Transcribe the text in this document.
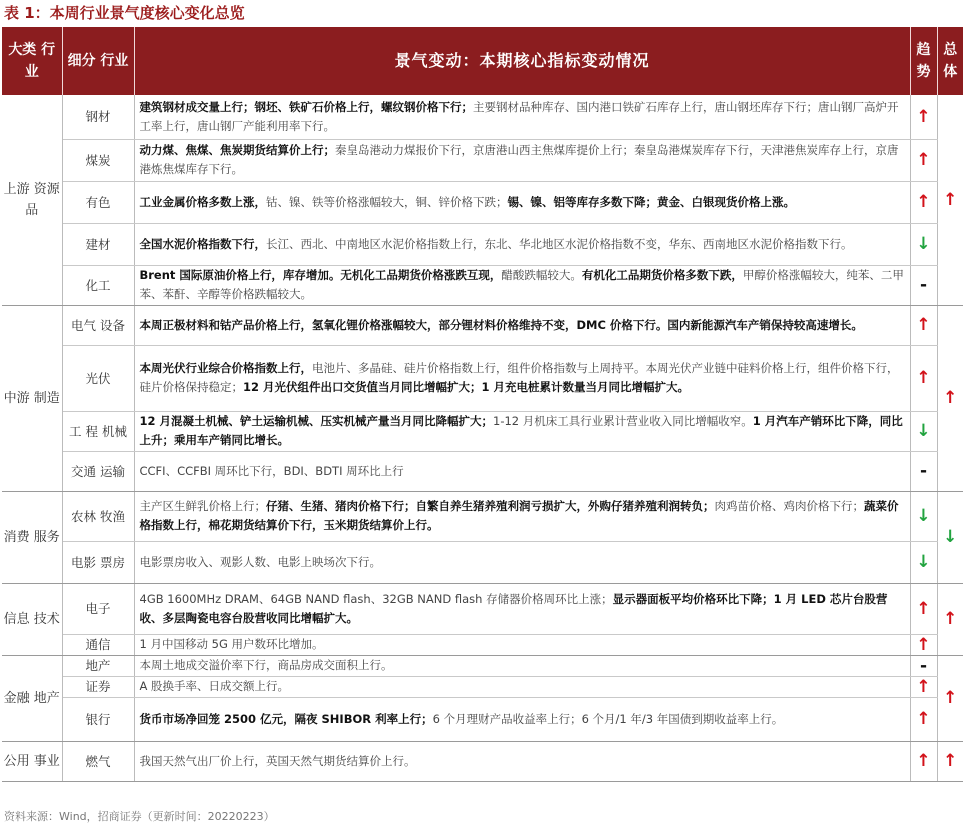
表 1：本周行业景气度核心变化总览
大类 行业	细分 行业	景气变动：本期核心指标变动情况	趋 势	总 体
上游 资源品	钢材	建筑钢材成交量上行；钢坯、铁矿石价格上行，螺纹钢价格下行；主要钢材品种库存、国内港口铁矿石库存上行，唐山钢坯库存下行；唐山钢厂高炉开工率上行，唐山钢厂产能利用率下行。	↑	↑
	煤炭	动力煤、焦煤、焦炭期货结算价上行；秦皇岛港动力煤报价下行，京唐港山西主焦煤库提价上行；秦皇岛港煤炭库存下行，天津港焦炭库存上行，京唐港炼焦煤库存下行。	↑	
	有色	工业金属价格多数上涨，钴、镍、铁等价格涨幅较大，铜、锌价格下跌；锡、镍、铝等库存多数下降；黄金、白银现货价格上涨。	↑	
	建材	全国水泥价格指数下行，长江、西北、中南地区水泥价格指数上行，东北、华北地区水泥价格指数不变，华东、西南地区水泥价格指数下行。	↓	
	化工	Brent 国际原油价格上行，库存增加。无机化工品期货价格涨跌互现，醋酸跌幅较大。有机化工品期货价格多数下跌，甲醇价格涨幅较大，纯苯、二甲苯、苯酐、辛醇等价格跌幅较大。	-	
中游 制造	电气 设备	本周正极材料和钴产品价格上行，氢氧化锂价格涨幅较大，部分锂材料价格维持不变，DMC 价格下行。国内新能源汽车产销保持较高速增长。	↑	↑
	光伏	本周光伏行业综合价格指数上行，电池片、多晶硅、硅片价格指数上行，组件价格指数与上周持平。本周光伏产业链中硅料价格上行，组件价格下行，硅片价格保持稳定；12 月光伏组件出口交货值当月同比增幅扩大；1 月充电桩累计数量当月同比增幅扩大。	↑	
	工 程 机械	12 月混凝土机械、铲土运输机械、压实机械产量当月同比降幅扩大；1-12 月机床工具行业累计营业收入同比增幅收窄。1 月汽车产销环比下降，同比上升；乘用车产销同比增长。	↓	
	交通 运输	CCFI、CCFBI 周环比下行，BDI、BDTI 周环比上行	-	
消费 服务	农林 牧渔	主产区生鲜乳价格上行；仔猪、生猪、猪肉价格下行；自繁自养生猪养殖利润亏损扩大，外购仔猪养殖利润转负；肉鸡苗价格、鸡肉价格下行；蔬菜价格指数上行，棉花期货结算价下行，玉米期货结算价上行。	↓	↓
	电影 票房	电影票房收入、观影人数、电影上映场次下行。	↓	
信息 技术	电子	4GB 1600MHz DRAM、64GB NAND flash、32GB NAND flash 存储器价格周环比上涨；显示器面板平均价格环比下降；1 月 LED 芯片台股营收、多层陶瓷电容台股营收同比增幅扩大。	↑	↑
	通信	1 月中国移动 5G 用户数环比增加。	↑	
金融 地产	地产	本周土地成交溢价率下行，商品房成交面积上行。	-	↑
	证券	A 股换手率、日成交额上行。	↑	
	银行	货币市场净回笼 2500 亿元，隔夜 SHIBOR 利率上行；6 个月理财产品收益率上行；6 个月/1 年/3 年国债到期收益率上行。	↑	
公用 事业	燃气	我国天然气出厂价上行，英国天然气期货结算价上行。	↑	↑
资料来源：Wind，招商证券（更新时间：20220223）
